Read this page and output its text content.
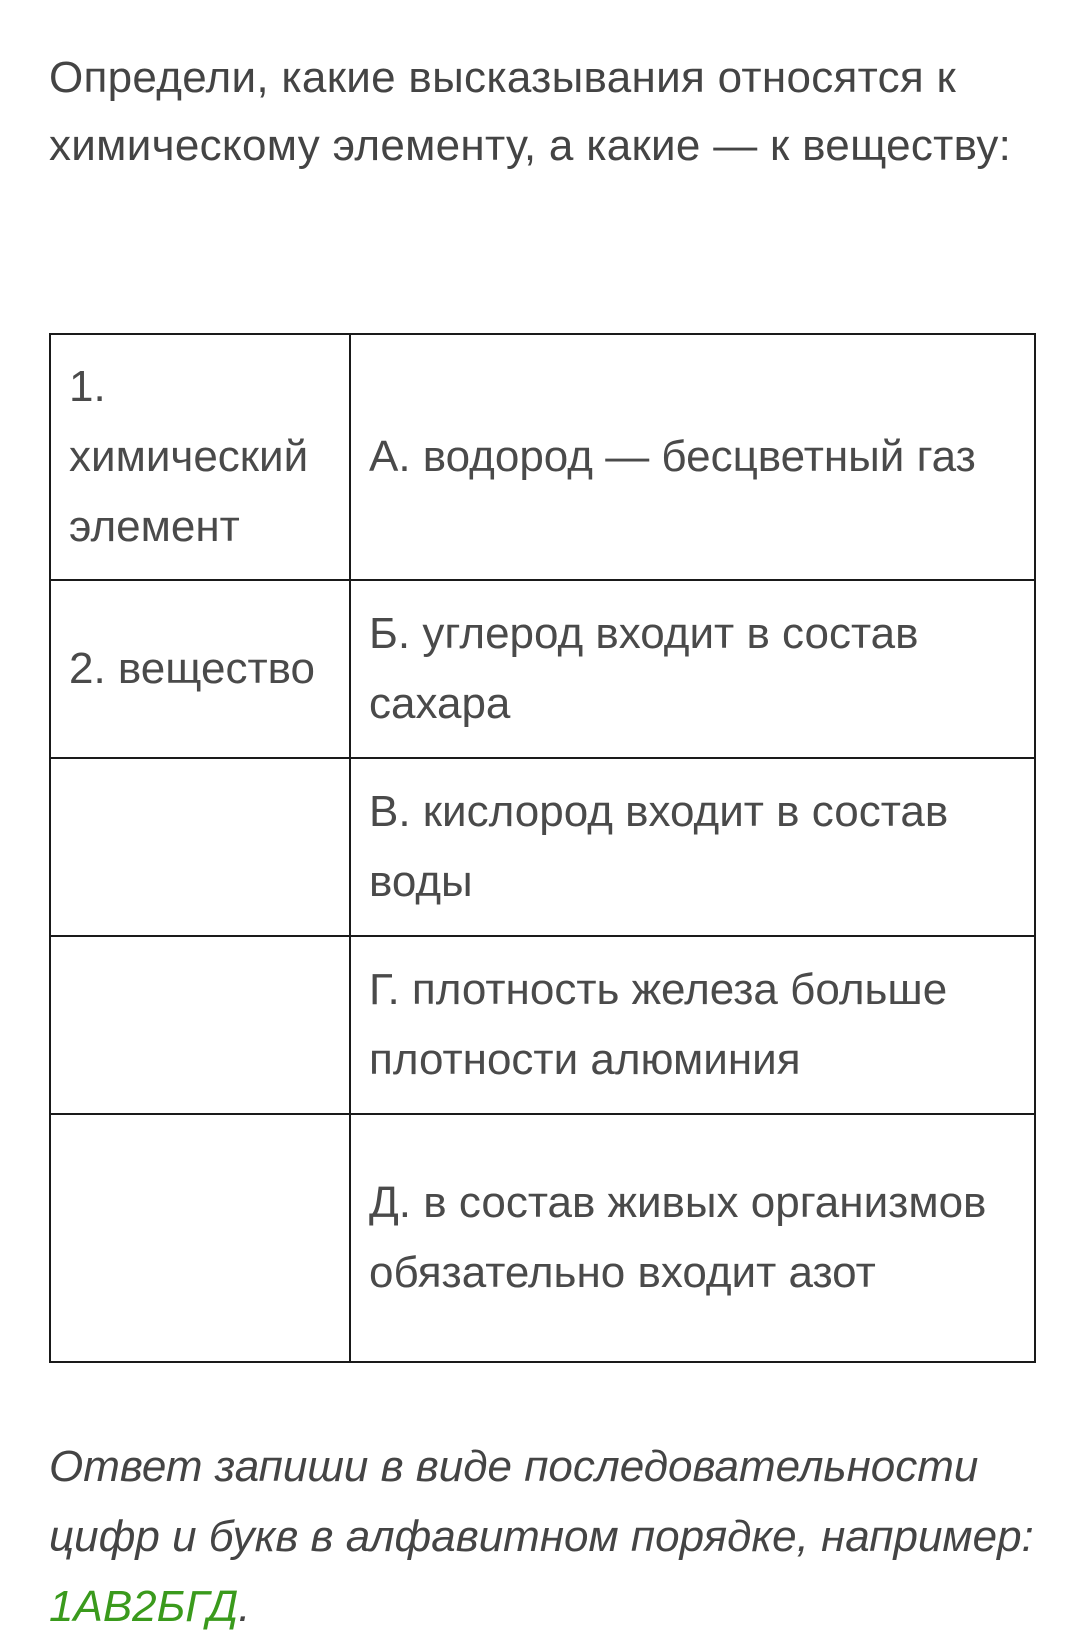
Определи, какие высказывания относятся к химическому элементу, а какие — к веществу:

1. химический элемент	А. водород — бесцветный газ
2. вещество	Б. углерод входит в состав сахара
	В. кислород входит в состав воды
	Г. плотность железа больше плотности алюминия
	Д. в состав живых организмов обязательно входит азот

Ответ запиши в виде последовательности цифр и букв в алфавитном порядке, например: 1АВ2БГД.
